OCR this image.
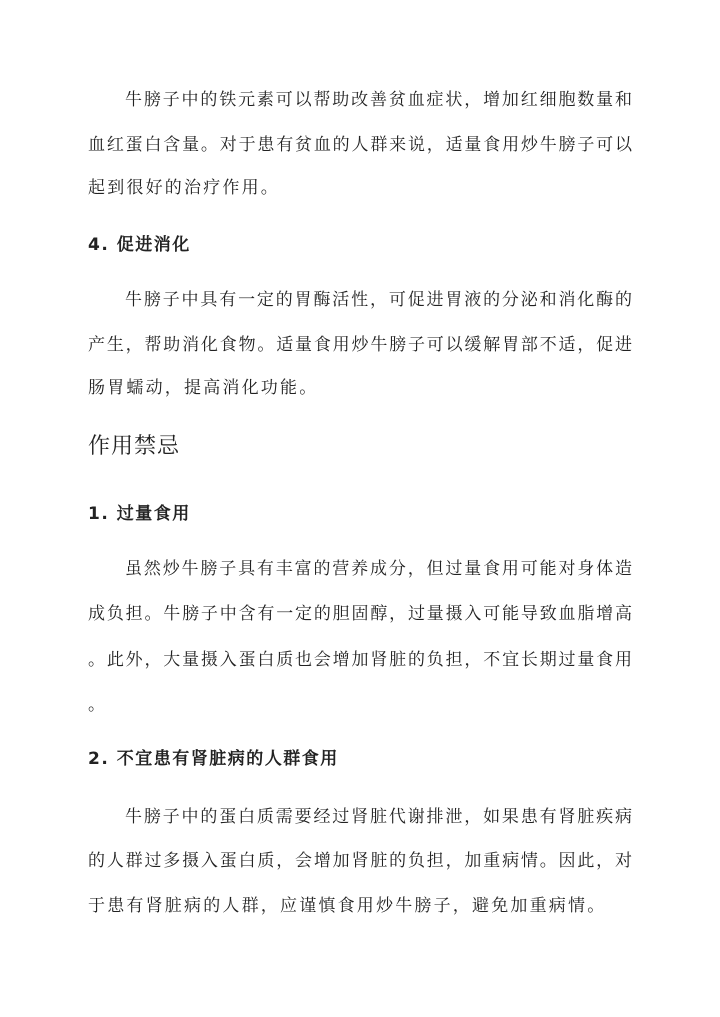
牛膀子中的铁元素可以帮助改善贫血症状，增加红细胞数量和
血红蛋白含量。对于患有贫血的人群来说，适量食用炒牛膀子可以
起到很好的治疗作用。
4. 促进消化
牛膀子中具有一定的胃酶活性，可促进胃液的分泌和消化酶的
产生，帮助消化食物。适量食用炒牛膀子可以缓解胃部不适，促进
肠胃蠕动，提高消化功能。
作用禁忌
1. 过量食用
虽然炒牛膀子具有丰富的营养成分，但过量食用可能对身体造
成负担。牛膀子中含有一定的胆固醇，过量摄入可能导致血脂增高
。此外，大量摄入蛋白质也会增加肾脏的负担，不宜长期过量食用
。
2. 不宜患有肾脏病的人群食用
牛膀子中的蛋白质需要经过肾脏代谢排泄，如果患有肾脏疾病
的人群过多摄入蛋白质，会增加肾脏的负担，加重病情。因此，对
于患有肾脏病的人群，应谨慎食用炒牛膀子，避免加重病情。
